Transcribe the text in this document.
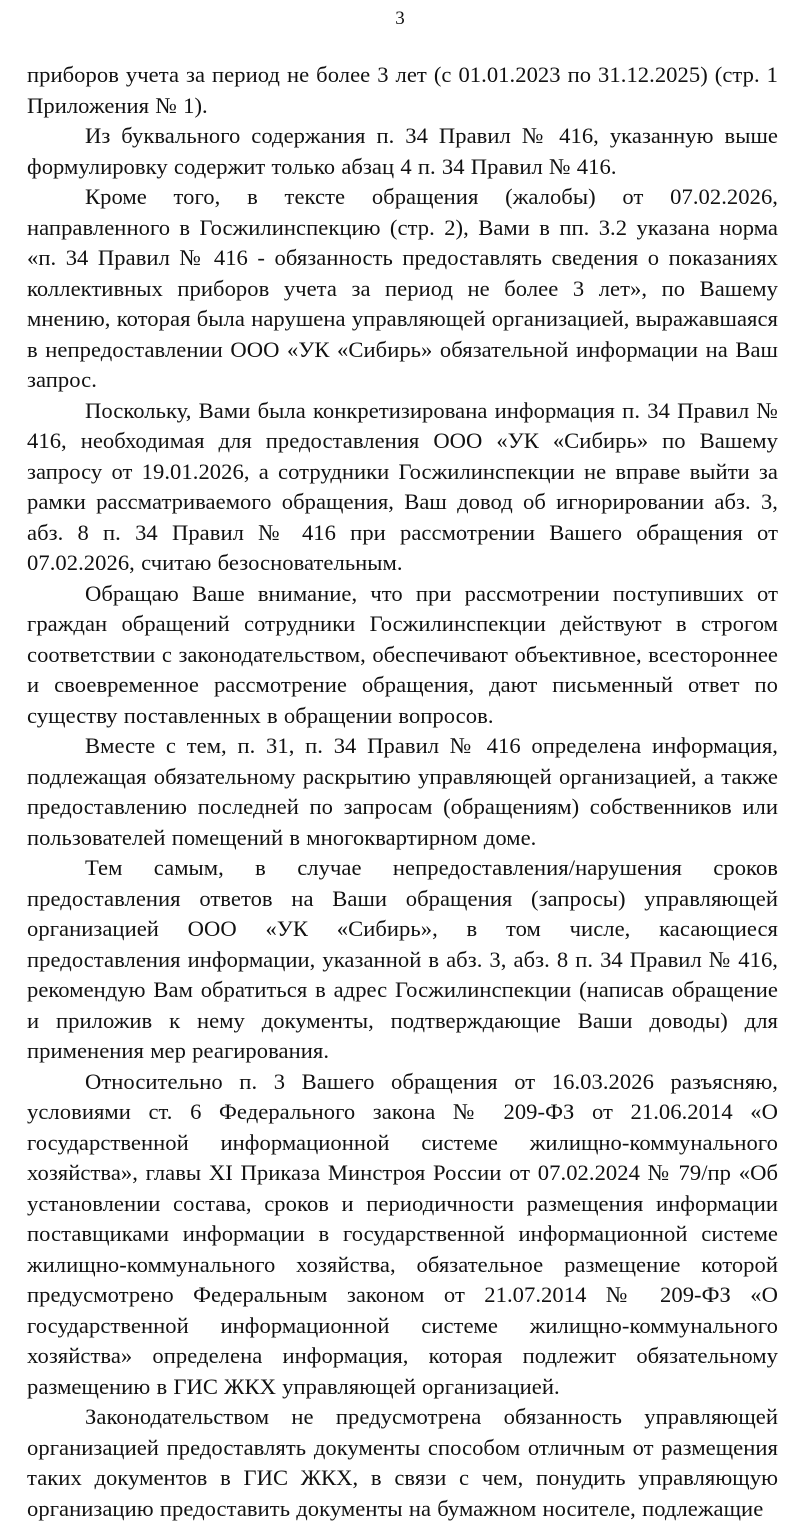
3

приборов учета за период не более 3 лет (с 01.01.2023 по 31.12.2025) (стр. 1 Приложения № 1).

Из буквального содержания п. 34 Правил № 416, указанную выше формулировку содержит только абзац 4 п. 34 Правил № 416.

Кроме того, в тексте обращения (жалобы) от 07.02.2026, направленного в Госжилинспекцию (стр. 2), Вами в пп. 3.2 указана норма «п. 34 Правил № 416 - обязанность предоставлять сведения о показаниях коллективных приборов учета за период не более 3 лет», по Вашему мнению, которая была нарушена управляющей организацией, выражавшаяся в непредоставлении ООО «УК «Сибирь» обязательной информации на Ваш запрос.

Поскольку, Вами была конкретизирована информация п. 34 Правил № 416, необходимая для предоставления ООО «УК «Сибирь» по Вашему запросу от 19.01.2026, а сотрудники Госжилинспекции не вправе выйти за рамки рассматриваемого обращения, Ваш довод об игнорировании абз. 3, абз. 8 п. 34 Правил № 416 при рассмотрении Вашего обращения от 07.02.2026, считаю безосновательным.

Обращаю Ваше внимание, что при рассмотрении поступивших от граждан обращений сотрудники Госжилинспекции действуют в строгом соответствии с законодательством, обеспечивают объективное, всестороннее и своевременное рассмотрение обращения, дают письменный ответ по существу поставленных в обращении вопросов.

Вместе с тем, п. 31, п. 34 Правил № 416 определена информация, подлежащая обязательному раскрытию управляющей организацией, а также предоставлению последней по запросам (обращениям) собственников или пользователей помещений в многоквартирном доме.

Тем самым, в случае непредоставления/нарушения сроков предоставления ответов на Ваши обращения (запросы) управляющей организацией ООО «УК «Сибирь», в том числе, касающиеся предоставления информации, указанной в абз. 3, абз. 8 п. 34 Правил № 416, рекомендую Вам обратиться в адрес Госжилинспекции (написав обращение и приложив к нему документы, подтверждающие Ваши доводы) для применения мер реагирования.

Относительно п. 3 Вашего обращения от 16.03.2026 разъясняю, условиями ст. 6 Федерального закона № 209-ФЗ от 21.06.2014 «О государственной информационной системе жилищно-коммунального хозяйства», главы XI Приказа Минстроя России от 07.02.2024 № 79/пр «Об установлении состава, сроков и периодичности размещения информации поставщиками информации в государственной информационной системе жилищно-коммунального хозяйства, обязательное размещение которой предусмотрено Федеральным законом от 21.07.2014 № 209-ФЗ «О государственной информационной системе жилищно-коммунального хозяйства» определена информация, которая подлежит обязательному размещению в ГИС ЖКХ управляющей организацией.

Законодательством не предусмотрена обязанность управляющей организацией предоставлять документы способом отличным от размещения таких документов в ГИС ЖКХ, в связи с чем, понудить управляющую организацию предоставить документы на бумажном носителе, подлежащие
